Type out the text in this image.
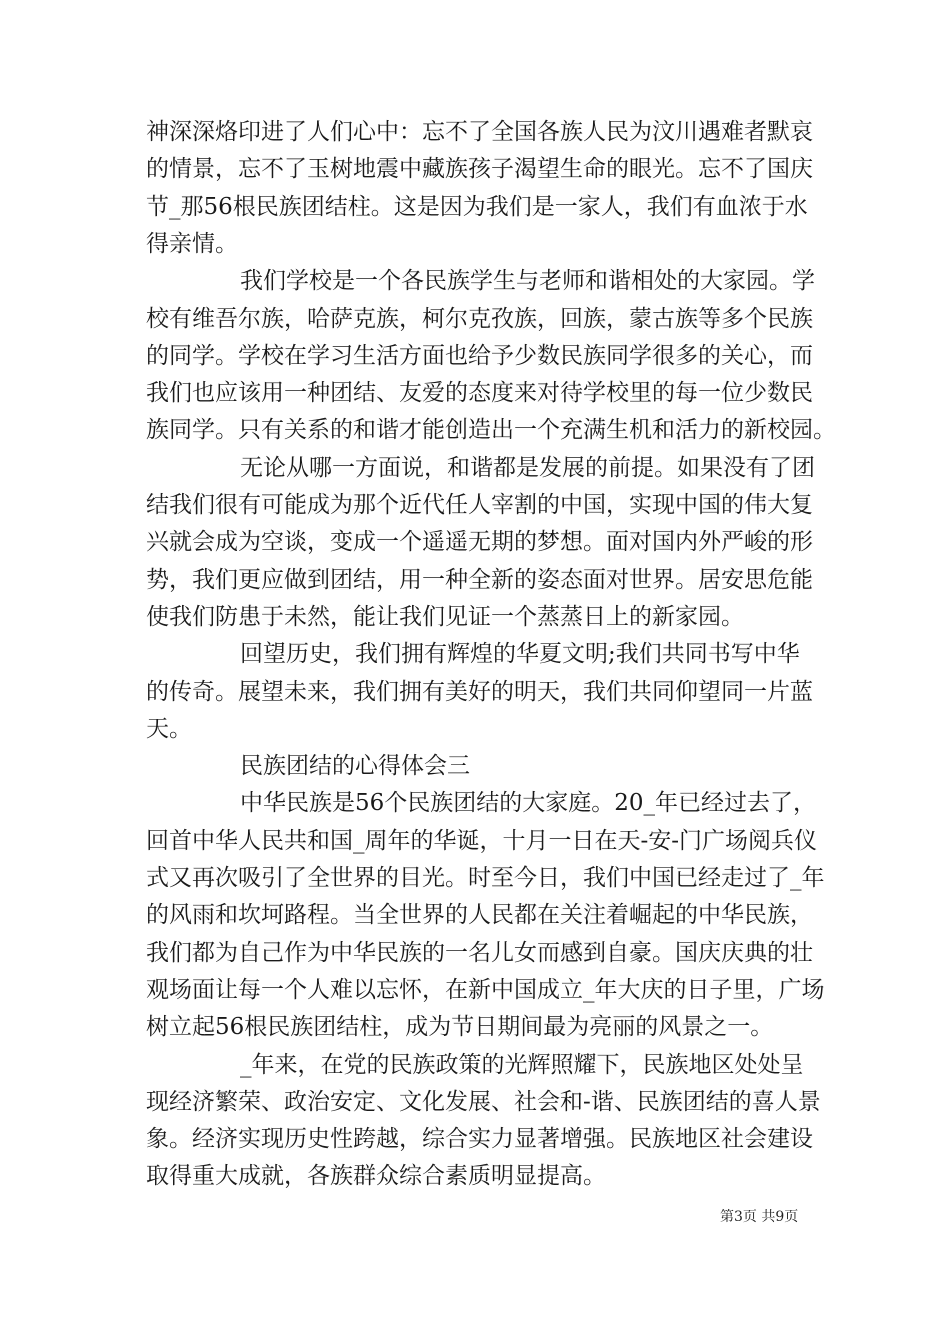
神深深烙印进了人们心中：忘不了全国各族人民为汶川遇难者默哀
的情景，忘不了玉树地震中藏族孩子渴望生命的眼光。忘不了国庆
节_那56根民族团结柱。这是因为我们是一家人，我们有血浓于水
得亲情。
我们学校是一个各民族学生与老师和谐相处的大家园。学
校有维吾尔族，哈萨克族，柯尔克孜族，回族，蒙古族等多个民族
的同学。学校在学习生活方面也给予少数民族同学很多的关心，而
我们也应该用一种团结、友爱的态度来对待学校里的每一位少数民
族同学。只有关系的和谐才能创造出一个充满生机和活力的新校园。
无论从哪一方面说，和谐都是发展的前提。如果没有了团
结我们很有可能成为那个近代任人宰割的中国，实现中国的伟大复
兴就会成为空谈，变成一个遥遥无期的梦想。面对国内外严峻的形
势，我们更应做到团结，用一种全新的姿态面对世界。居安思危能
使我们防患于未然，能让我们见证一个蒸蒸日上的新家园。
回望历史，我们拥有辉煌的华夏文明;我们共同书写中华
的传奇。展望未来，我们拥有美好的明天，我们共同仰望同一片蓝
天。
民族团结的心得体会三
中华民族是56个民族团结的大家庭。20_年已经过去了，
回首中华人民共和国_周年的华诞，十月一日在天-安-门广场阅兵仪
式又再次吸引了全世界的目光。时至今日，我们中国已经走过了_年
的风雨和坎坷路程。当全世界的人民都在关注着崛起的中华民族，
我们都为自己作为中华民族的一名儿女而感到自豪。国庆庆典的壮
观场面让每一个人难以忘怀，在新中国成立_年大庆的日子里，广场
树立起56根民族团结柱，成为节日期间最为亮丽的风景之一。
_年来，在党的民族政策的光辉照耀下，民族地区处处呈
现经济繁荣、政治安定、文化发展、社会和-谐、民族团结的喜人景
象。经济实现历史性跨越，综合实力显著增强。民族地区社会建设
取得重大成就，各族群众综合素质明显提高。
第3页 共9页
